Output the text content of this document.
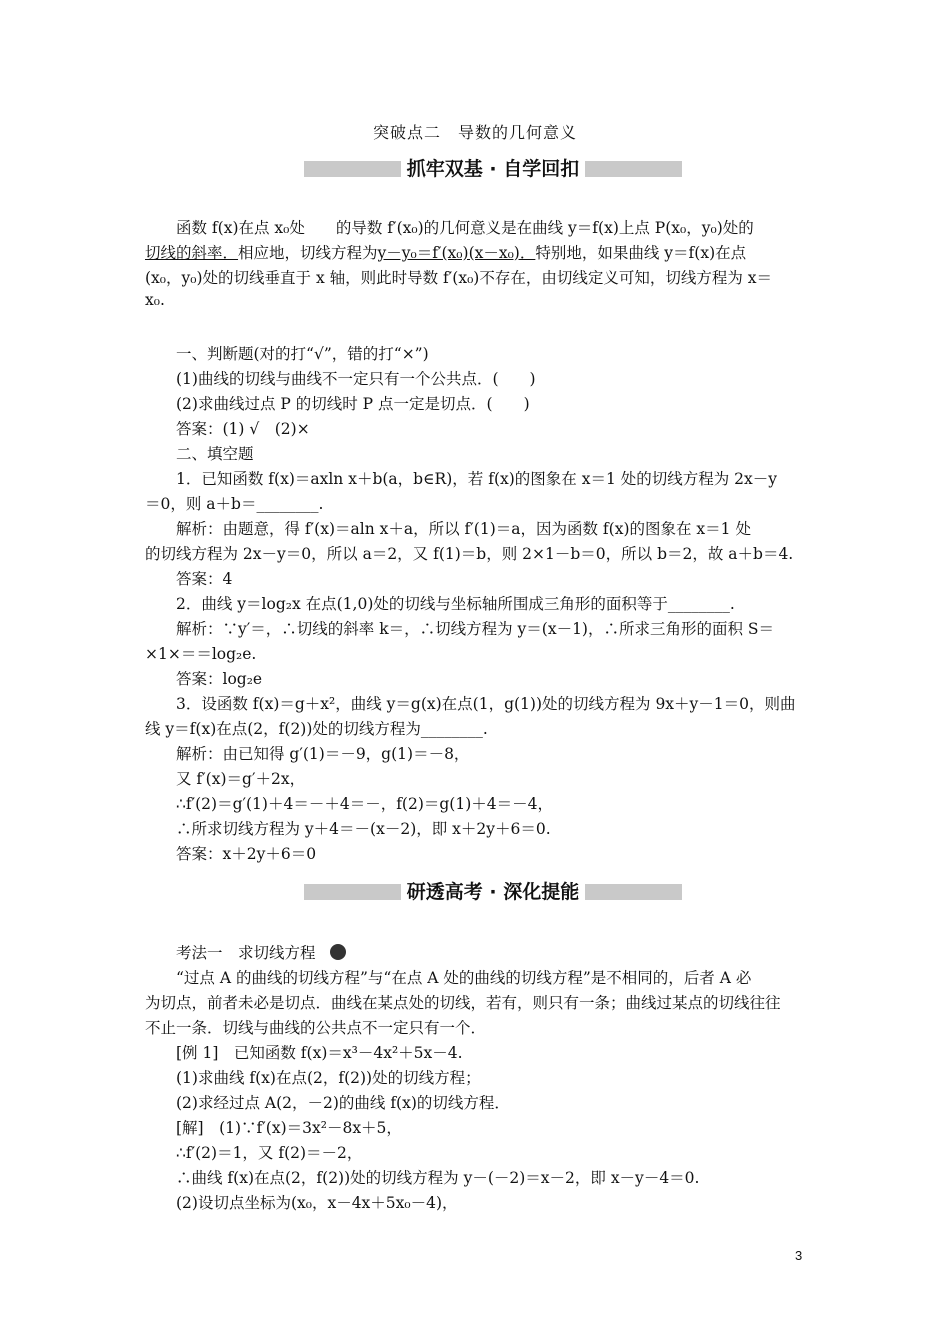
突破点二　导数的几何意义
抓牢双基 · 自学回扣
函数 f(x)在点 x₀处　　的导数 f′(x₀)的几何意义是在曲线 y＝f(x)上点 P(x₀，y₀)处的
切线的斜率．相应地，切线方程为y－y₀＝f′(x₀)(x－x₀)．特别地，如果曲线 y＝f(x)在点
(x₀，y₀)处的切线垂直于 x 轴，则此时导数 f′(x₀)不存在，由切线定义可知，切线方程为 x＝
x₀.
一、判断题(对的打“√”，错的打“×”)
(1)曲线的切线与曲线不一定只有一个公共点．(　　)
(2)求曲线过点 P 的切线时 P 点一定是切点．(　　)
答案：(1) √　(2)×
二、填空题
1．已知函数 f(x)＝axln x＋b(a，b∈R)，若 f(x)的图象在 x＝1 处的切线方程为 2x－y
＝0，则 a＋b＝________.
解析：由题意，得 f′(x)＝aln x＋a，所以 f′(1)＝a，因为函数 f(x)的图象在 x＝1 处
的切线方程为 2x－y＝0，所以 a＝2，又 f(1)＝b，则 2×1－b＝0，所以 b＝2，故 a＋b＝4.
答案：4
2．曲线 y＝log₂x 在点(1,0)处的切线与坐标轴所围成三角形的面积等于________.
解析：∵y′＝，∴切线的斜率 k＝，∴切线方程为 y＝(x－1)，∴所求三角形的面积 S＝
×1×＝＝log₂e.
答案：log₂e
3．设函数 f(x)＝g＋x²，曲线 y＝g(x)在点(1，g(1))处的切线方程为 9x＋y－1＝0，则曲
线 y＝f(x)在点(2，f(2))处的切线方程为________.
解析：由已知得 g′(1)＝－9，g(1)＝－8，
又 f′(x)＝g′＋2x，
∴f′(2)＝g′(1)＋4＝－＋4＝－，f(2)＝g(1)＋4＝－4，
∴所求切线方程为 y＋4＝－(x－2)，即 x＋2y＋6＝0.
答案：x＋2y＋6＝0
研透高考 · 深化提能
考法一　求切线方程
“过点 A 的曲线的切线方程”与“在点 A 处的曲线的切线方程”是不相同的，后者 A 必
为切点，前者未必是切点．曲线在某点处的切线，若有，则只有一条；曲线过某点的切线往往
不止一条．切线与曲线的公共点不一定只有一个．
[例 1]　已知函数 f(x)＝x³－4x²＋5x－4.
(1)求曲线 f(x)在点(2，f(2))处的切线方程；
(2)求经过点 A(2，－2)的曲线 f(x)的切线方程．
[解]　(1)∵f′(x)＝3x²－8x＋5，
∴f′(2)＝1，又 f(2)＝－2，
∴曲线 f(x)在点(2，f(2))处的切线方程为 y－(－2)＝x－2，即 x－y－4＝0.
(2)设切点坐标为(x₀，x－4x＋5x₀－4)，
3
